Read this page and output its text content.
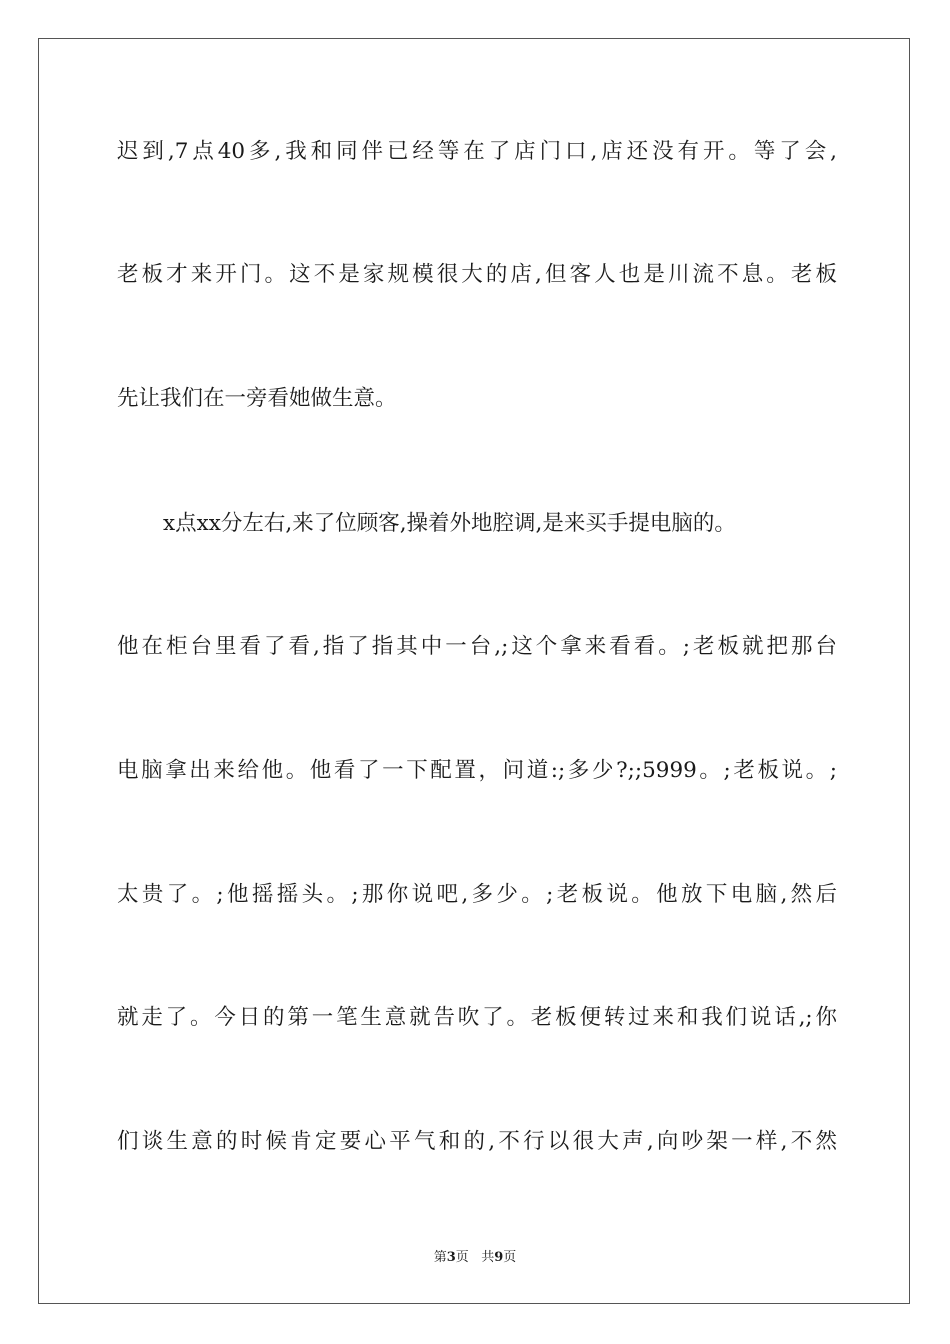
迟到,7点40多,我和同伴已经等在了店门口,店还没有开。等了会,
老板才来开门。这不是家规模很大的店,但客人也是川流不息。老板
先让我们在一旁看她做生意。
x点xx分左右,来了位顾客,操着外地腔调,是来买手提电脑的。
他在柜台里看了看,指了指其中一台,;这个拿来看看。;老板就把那台
电脑拿出来给他。他看了一下配置，问道:;多少?;;5999。;老板说。;
太贵了。;他摇摇头。;那你说吧,多少。;老板说。他放下电脑,然后
就走了。今日的第一笔生意就告吹了。老板便转过来和我们说话,;你
们谈生意的时候肯定要心平气和的,不行以很大声,向吵架一样,不然
第3页 共9页
